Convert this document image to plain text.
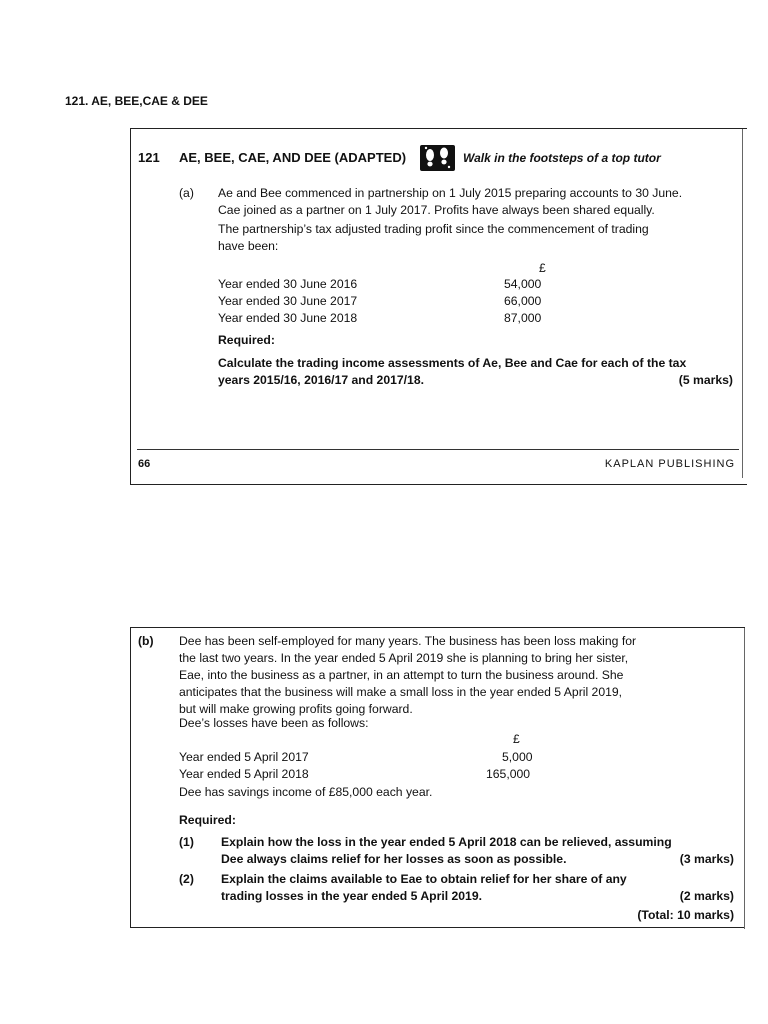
121. AE, BEE,CAE & DEE
121 AE, BEE, CAE, AND DEE (ADAPTED)	Walk in the footsteps of a top tutor
(a) Ae and Bee commenced in partnership on 1 July 2015 preparing accounts to 30 June.
Cae joined as a partner on 1 July 2017. Profits have always been shared equally.
The partnership’s tax adjusted trading profit since the commencement of trading
have been:
£
Year ended 30 June 2016	54,000
Year ended 30 June 2017	66,000
Year ended 30 June 2018	87,000
Required:
Calculate the trading income assessments of Ae, Bee and Cae for each of the tax
years 2015/16, 2016/17 and 2017/18.	(5 marks)
66	KAPLAN PUBLISHING
(b) Dee has been self-employed for many years. The business has been loss making for
the last two years. In the year ended 5 April 2019 she is planning to bring her sister,
Eae, into the business as a partner, in an attempt to turn the business around. She
anticipates that the business will make a small loss in the year ended 5 April 2019,
but will make growing profits going forward.
Dee’s losses have been as follows:
£
Year ended 5 April 2017	5,000
Year ended 5 April 2018	165,000
Dee has savings income of £85,000 each year.
Required:
(1) Explain how the loss in the year ended 5 April 2018 can be relieved, assuming
Dee always claims relief for her losses as soon as possible.	(3 marks)
(2) Explain the claims available to Eae to obtain relief for her share of any
trading losses in the year ended 5 April 2019.	(2 marks)
(Total: 10 marks)
